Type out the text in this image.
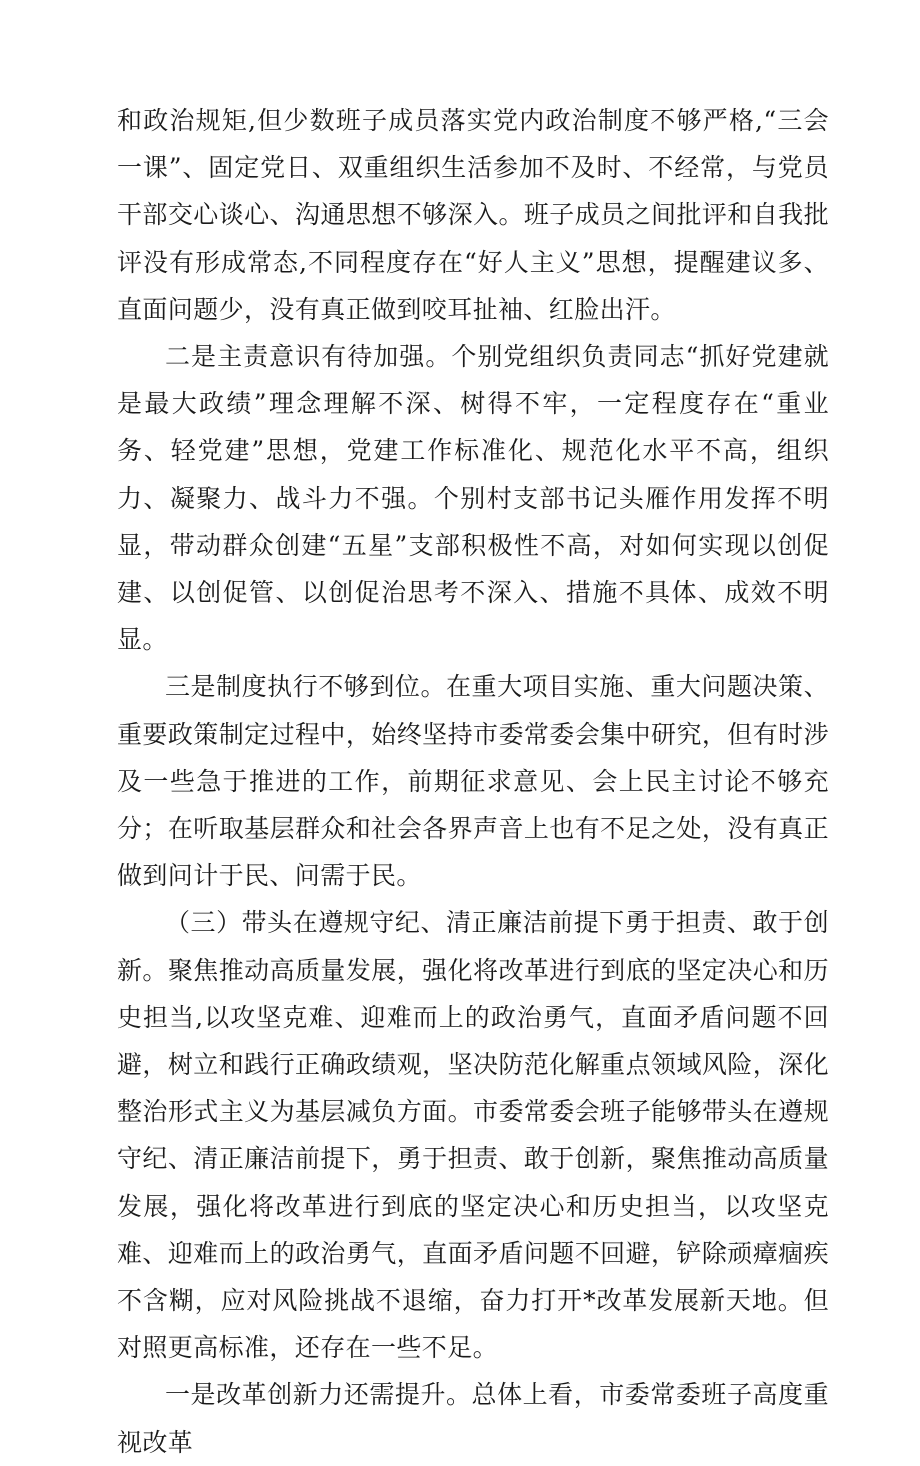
和政治规矩,但少数班子成员落实党内政治制度不够严格,“三会一课”、固定党日、双重组织生活参加不及时、不经常，与党员干部交心谈心、沟通思想不够深入。班子成员之间批评和自我批评没有形成常态,不同程度存在“好人主义”思想，提醒建议多、直面问题少，没有真正做到咬耳扯袖、红脸出汗。

二是主责意识有待加强。个别党组织负责同志“抓好党建就是最大政绩”理念理解不深、树得不牢，一定程度存在“重业务、轻党建”思想，党建工作标准化、规范化水平不高，组织力、凝聚力、战斗力不强。个别村支部书记头雁作用发挥不明显，带动群众创建“五星”支部积极性不高，对如何实现以创促建、以创促管、以创促治思考不深入、措施不具体、成效不明显。

三是制度执行不够到位。在重大项目实施、重大问题决策、重要政策制定过程中，始终坚持市委常委会集中研究，但有时涉及一些急于推进的工作，前期征求意见、会上民主讨论不够充分；在听取基层群众和社会各界声音上也有不足之处，没有真正做到问计于民、问需于民。

（三）带头在遵规守纪、清正廉洁前提下勇于担责、敢于创新。聚焦推动高质量发展，强化将改革进行到底的坚定决心和历史担当,以攻坚克难、迎难而上的政治勇气，直面矛盾问题不回避，树立和践行正确政绩观，坚决防范化解重点领域风险，深化整治形式主义为基层减负方面。市委常委会班子能够带头在遵规守纪、清正廉洁前提下，勇于担责、敢于创新，聚焦推动高质量发展，强化将改革进行到底的坚定决心和历史担当，以攻坚克难、迎难而上的政治勇气，直面矛盾问题不回避，铲除顽瘴痼疾不含糊，应对风险挑战不退缩，奋力打开*改革发展新天地。但对照更高标准，还存在一些不足。

一是改革创新力还需提升。总体上看，市委常委班子高度重视改革
